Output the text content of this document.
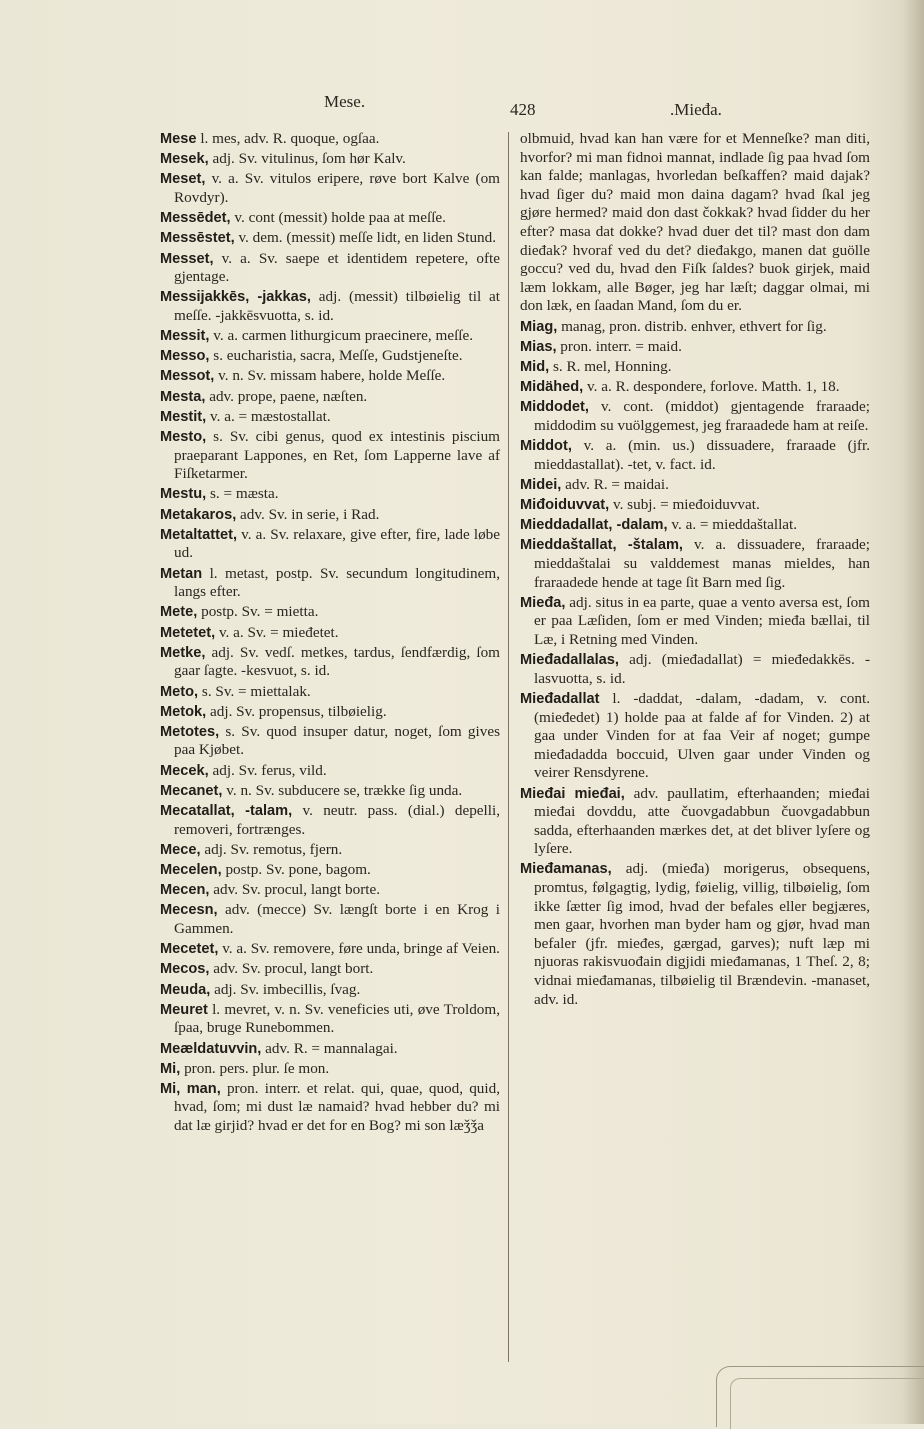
Mese.	428	.Mieđa.

Mese l. mes, adv. R. quoque, ogſaa.

Mesek, adj. Sv. vitulinus, ſom hør Kalv.

Meset, v. a. Sv. vitulos eripere, røve bort Kalve (om Rovdyr).

Messēdet, v. cont (messit) holde paa at meſſe.

Messēstet, v. dem. (messit) meſſe lidt, en liden Stund.

Messet, v. a. Sv. saepe et identidem repetere, ofte gjentage.

Messijakkēs, -jakkas, adj. (messit) tilbøielig til at meſſe. -jakkēsvuotta, s. id.

Messit, v. a. carmen lithurgicum praecinere, meſſe.

Messo, s. eucharistia, sacra, Meſſe, Gudstjeneſte.

Messot, v. n. Sv. missam habere, holde Meſſe.

Mesta, adv. prope, paene, næſten.

Mestit, v. a. = mæstostallat.

Mesto, s. Sv. cibi genus, quod ex intestinis piscium praeparant Lappones, en Ret, ſom Lapperne lave af Fiſketarmer.

Mestu, s. = mæsta.

Metakaros, adv. Sv. in serie, i Rad.

Metaltattet, v. a. Sv. relaxare, give efter, fire, lade løbe ud.

Metan l. metast, postp. Sv. secundum longitudinem, langs efter.

Mete, postp. Sv. = mietta.

Metetet, v. a. Sv. = mieđetet.

Metke, adj. Sv. vedſ. metkes, tardus, ſendfærdig, ſom gaar ſagte. -kesvuot, s. id.

Meto, s. Sv. = miettalak.

Metok, adj. Sv. propensus, tilbøielig.

Metotes, s. Sv. quod insuper datur, noget, ſom gives paa Kjøbet.

Mecek, adj. Sv. ferus, vild.

Mecanet, v. n. Sv. subducere se, trække ſig unda.

Mecatallat, -talam, v. neutr. pass. (dial.) depelli, removeri, fortrænges.

Mece, adj. Sv. remotus, fjern.

Mecelen, postp. Sv. pone, bagom.

Mecen, adv. Sv. procul, langt borte.

Mecesn, adv. (mecce) Sv. længſt borte i en Krog i Gammen.

Mecetet, v. a. Sv. removere, føre unda, bringe af Veien.

Mecos, adv. Sv. procul, langt bort.

Meuda, adj. Sv. imbecillis, ſvag.

Meuret l. mevret, v. n. Sv. veneficies uti, øve Troldom, ſpaa, bruge Runebommen.

Meældatuvvin, adv. R. = mannalagai.

Mi, pron. pers. plur. ſe mon.

Mi, man, pron. interr. et relat. qui, quae, quod, quid, hvad, ſom; mi dust læ namaid? hvad hebber du? mi dat læ girjid? hvad er det for en Bog? mi son læǯǯa

olbmuid, hvad kan han være for et Menneſke? man diti, hvorfor? mi man fidnoi mannat, indlade ſig paa hvad ſom kan falde; manlagas, hvorledan beſkaffen? maid dajak? hvad ſiger du? maid mon daina dagam? hvad ſkal jeg gjøre hermed? maid don dast čokkak? hvad ſidder du her efter? masa dat dokke? hvad duer det til? mast don dam dieđak? hvoraf ved du det? dieđakgo, manen dat guölle goccu? ved du, hvad den Fiſk ſaldes? buok girjek, maid læm lokkam, alle Bøger, jeg har læſt; daggar olmai, mi don læk, en ſaadan Mand, ſom du er.

Miag, manag, pron. distrib. enhver, ethvert for ſig.

Mias, pron. interr. = maid.

Mid, s. R. mel, Honning.

Midähed, v. a. R. despondere, forlove. Matth. 1, 18.

Middodet, v. cont. (middot) gjentagende fraraade; middodim su vuölggemest, jeg fraraadede ham at reiſe.

Middot, v. a. (min. us.) dissuadere, fraraade (jfr. mieddastallat). -tet, v. fact. id.

Midei, adv. R. = maidai.

Mіđoiduvvat, v. subj. = mieđoiduvvat.

Mieddadallat, -dalam, v. a. = mieddaštallat.

Mieddaštallat, -štalam, v. a. dissuadere, fraraade; mieddaštalai su valddemest manas mieldes, han fraraadede hende at tage ſit Barn med ſig.

Mieđa, adj. situs in ea parte, quae a vento aversa est, ſom er paa Læſiden, ſom er med Vinden; mieđa bællai, til Læ, i Retning med Vinden.

Mieđadallalas, adj. (mieđadallat) = mieđedakkēs. -lasvuotta, s. id.

Mieđadallat l. -daddat, -dalam, -dadam, v. cont. (mieđedet) 1) holde paa at falde af for Vinden. 2) at gaa under Vinden for at faa Veir af noget; gumpe mieđadadda boccuid, Ulven gaar under Vinden og veirer Rensdyrene.

Mieđai mieđai, adv. paullatim, efterhaanden; mieđai mieđai dovddu, atte čuovgadabbun čuovgadabbun sadda, efterhaanden mærkes det, at det bliver lyſere og lyſere.

Mieđamanas, adj. (mieđa) morigerus, obsequens, promtus, følgagtig, lydig, føielig, villig, tilbøielig, ſom ikke ſætter ſig imod, hvad der befales eller begjæres, men gaar, hvorhen man byder ham og gjør, hvad man befaler (jfr. mieđes, gærgad, garves); nuft læp mi njuoras rakisvuođain digjidi mieđamanas, 1 Theſ. 2, 8; vidnai mieđamanas, tilbøielig til Brændevin. -manaset, adv. id.
